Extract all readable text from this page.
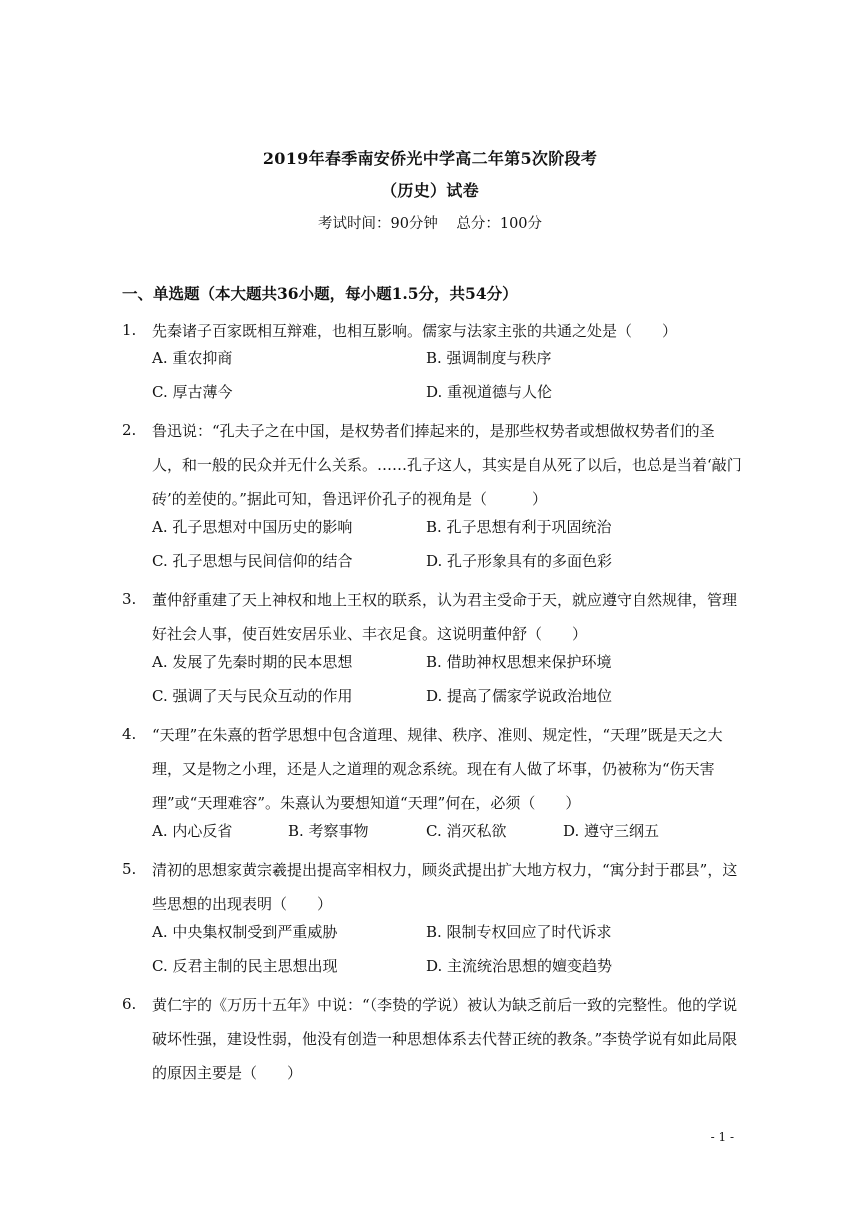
2019年春季南安侨光中学高二年第5次阶段考
（历史）试卷
考试时间：90分钟    总分：100分
一、单选题（本大题共36小题，每小题1.5分，共54分）
1.	先秦诸子百家既相互辩难，也相互影响。儒家与法家主张的共通之处是（　　）
A. 重农抑商	B. 强调制度与秩序
C. 厚古薄今	D. 重视道德与人伦
2.	鲁迅说：“孔夫子之在中国，是权势者们捧起来的，是那些权势者或想做权势者们的圣人，和一般的民众并无什么关系。……孔子这人，其实是自从死了以后，也总是当着‘敲门砖’的差使的。”据此可知，鲁迅评价孔子的视角是（　　　）
A. 孔子思想对中国历史的影响	B. 孔子思想有利于巩固统治
C. 孔子思想与民间信仰的结合	D. 孔子形象具有的多面色彩
3.	董仲舒重建了天上神权和地上王权的联系，认为君主受命于天，就应遵守自然规律，管理好社会人事，使百姓安居乐业、丰衣足食。这说明董仲舒（　　）
A. 发展了先秦时期的民本思想	B. 借助神权思想来保护环境
C. 强调了天与民众互动的作用	D. 提高了儒家学说政治地位
4.	“天理”在朱熹的哲学思想中包含道理、规律、秩序、准则、规定性，“天理”既是天之大理，又是物之小理，还是人之道理的观念系统。现在有人做了坏事，仍被称为“伤天害理”或“天理难容”。朱熹认为要想知道“天理”何在，必须（　　）
A. 内心反省	B. 考察事物	C. 消灭私欲	D. 遵守三纲五
5.	清初的思想家黄宗羲提出提高宰相权力，顾炎武提出扩大地方权力，“寓分封于郡县”，这些思想的出现表明（　　）
A. 中央集权制受到严重威胁	B. 限制专权回应了时代诉求
C. 反君主制的民主思想出现	D. 主流统治思想的嬗变趋势
6.	黄仁宇的《万历十五年》中说：“（李贽的学说）被认为缺乏前后一致的完整性。他的学说破坏性强，建设性弱，他没有创造一种思想体系去代替正统的教条。”李贽学说有如此局限的原因主要是（　　）
- 1 -
